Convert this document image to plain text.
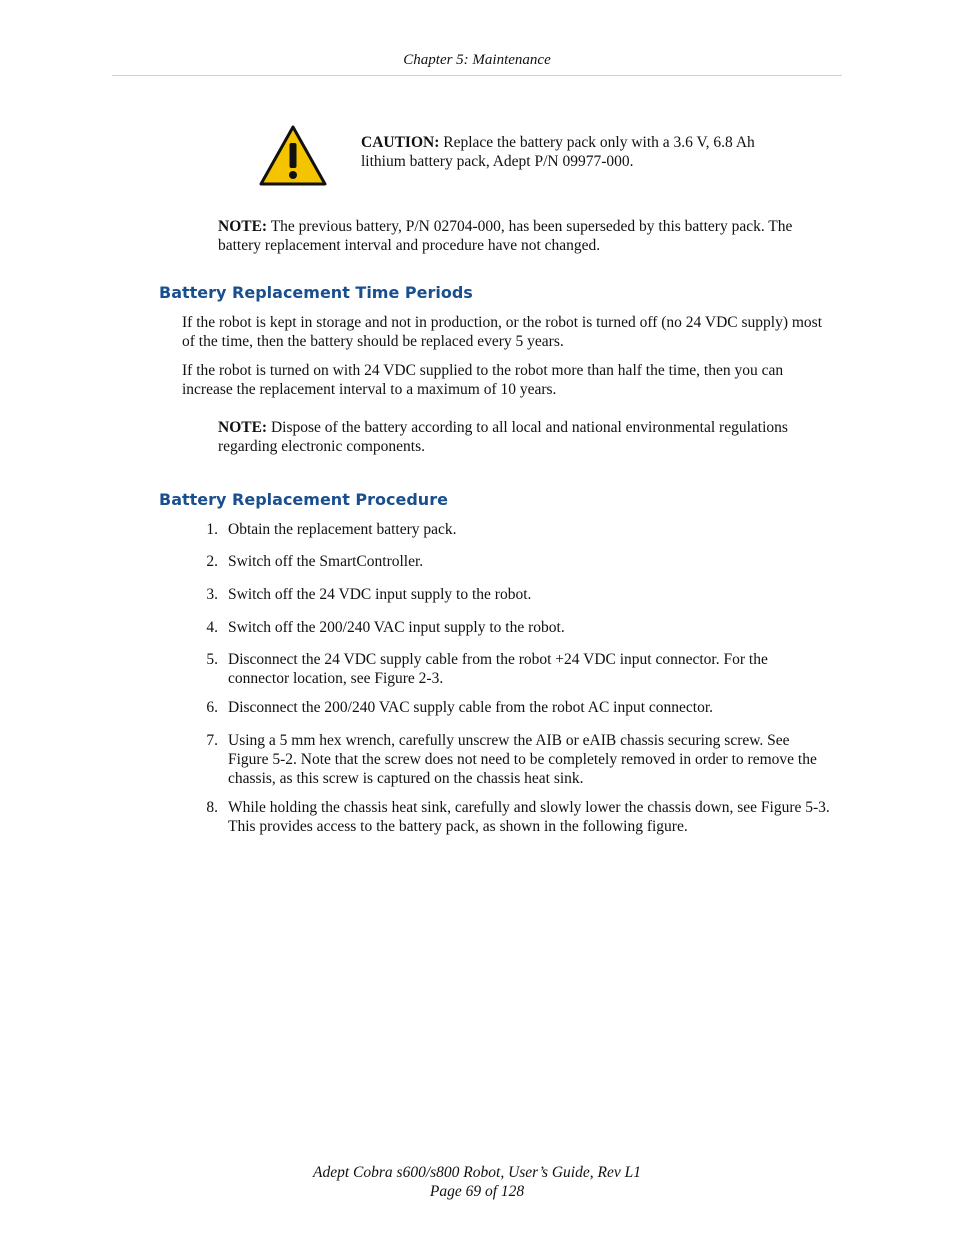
Chapter 5: Maintenance
CAUTION: Replace the battery pack only with a 3.6 V, 6.8 Ah lithium battery pack, Adept P/N 09977-000.
NOTE: The previous battery, P/N 02704-000, has been superseded by this battery pack. The battery replacement interval and procedure have not changed.
Battery Replacement Time Periods
If the robot is kept in storage and not in production, or the robot is turned off (no 24 VDC supply) most of the time, then the battery should be replaced every 5 years.
If the robot is turned on with 24 VDC supplied to the robot more than half the time, then you can increase the replacement interval to a maximum of 10 years.
NOTE: Dispose of the battery according to all local and national environmental regulations regarding electronic components.
Battery Replacement Procedure
1. Obtain the replacement battery pack.
2. Switch off the SmartController.
3. Switch off the 24 VDC input supply to the robot.
4. Switch off the 200/240 VAC input supply to the robot.
5. Disconnect the 24 VDC supply cable from the robot +24 VDC input connector. For the connector location, see Figure 2-3.
6. Disconnect the 200/240 VAC supply cable from the robot AC input connector.
7. Using a 5 mm hex wrench, carefully unscrew the AIB or eAIB chassis securing screw. See Figure 5-2. Note that the screw does not need to be completely removed in order to remove the chassis, as this screw is captured on the chassis heat sink.
8. While holding the chassis heat sink, carefully and slowly lower the chassis down, see Figure 5-3. This provides access to the battery pack, as shown in the following figure.
Adept Cobra s600/s800 Robot, User’s Guide, Rev L1
Page 69 of 128
